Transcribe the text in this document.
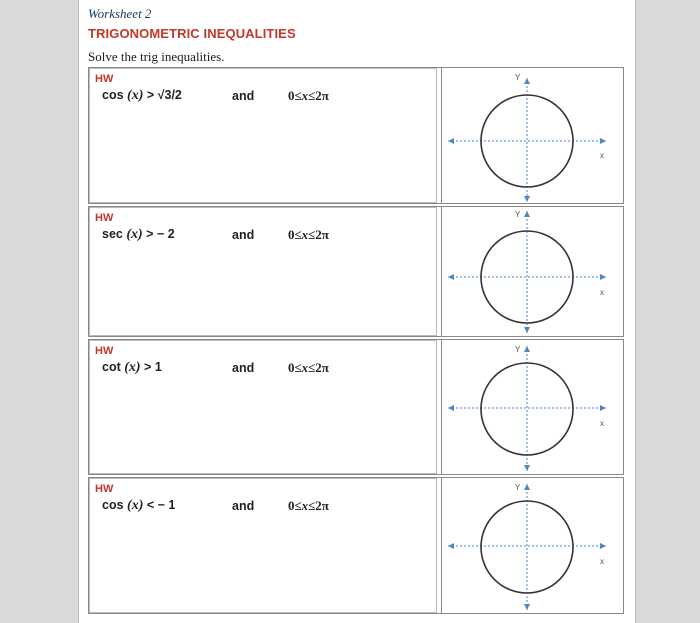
Worksheet 2
TRIGONOMETRIC INEQUALITIES
Solve the trig inequalities.
HW
cos (x) > √3/2	and	0≤x≤2π
Y
x
HW
sec (x) > − 2	and	0≤x≤2π
Y
x
HW
cot (x) > 1	and	0≤x≤2π
Y
x
HW
cos (x) < − 1	and	0≤x≤2π
Y
x
